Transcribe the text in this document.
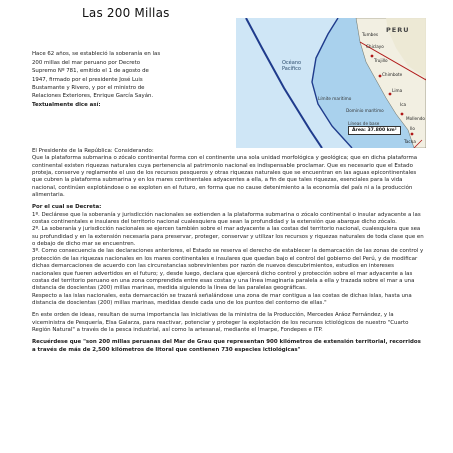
Las 200 Millas

Hace 62 años, se estableció la soberanía en las
200 millas del mar peruano por Decreto
Supremo Nº 781, emitido el 1 de agosto de
1947, firmado por el presidente José Luis
Bustamante y Rivero, y por el ministro de
Relaciones Exteriores, Enrique García Sayán.

Textualmente dice así:

PERU
Océano Pacífico
Tumbes
Chiclayo
Trujillo
Chimbote
Lima
Ica
Mollendo
Ilo
Tacna
Límite marítimo
Dominio marítimo
Líneas de base
Área: 37.800 km²

El Presidente de la República: Considerando:

Que la plataforma submarina o zócalo continental forma con el continente una sola unidad morfológica y geológica; que en dicha plataforma continental existen riquezas naturales cuya pertenencia al patrimonio nacional es indispensable proclamar. Que es necesario que el Estado proteja, conserve y reglamente el uso de los recursos pesqueros y otras riquezas naturales que se encuentran en las aguas epicontinentales que cubren la plataforma submarina y en los mares continentales adyacentes a ella, a fin de que tales riquezas, esenciales para la vida nacional, continúen explotándose o se exploten en el futuro, en forma que no cause detenimiento a la economía del país ni a la producción alimentaria.

Por el cual se Decreta:

1º. Declárese que la soberanía y jurisdicción nacionales se extienden a la plataforma submarina o zócalo continental o insular adyacente a las costas continentales e insulares del territorio nacional cualesquiera que sean la profundidad y la extensión que abarque dicho zócalo.

2º. La soberanía y jurisdicción nacionales se ejercen también sobre el mar adyacente a las costas del territorio nacional, cualesquiera que sea su profundidad y en la extensión necesaria para preservar, proteger, conservar y utilizar los recursos y riquezas naturales de toda clase que en o debajo de dicho mar se encuentren.

3º. Como consecuencia de las declaraciones anteriores, el Estado se reserva el derecho de establecer la demarcación de las zonas de control y protección de las riquezas nacionales en los mares continentales e insulares que quedan bajo el control del gobierno del Perú, y de modificar dichas demarcaciones de acuerdo con las circunstancias sobrevinientes por razón de nuevos descubrimientos, estudios en intereses nacionales que fueren advertidos en el futuro; y, desde luego, declara que ejercerá dicho control y protección sobre el mar adyacente a las costas del territorio peruano en una zona comprendida entre esas costas y una línea imaginaria paralela a ella y trazada sobre el mar a una distancia de doscientas (200) millas marinas, medida siguiendo la línea de las paralelas geográficas.

Respecto a las islas nacionales, esta demarcación se trazará señalándose una zona de mar contigua a las costas de dichas islas, hasta una distancia de doscientas (200) millas marinas, medidas desde cada uno de los puntos del contorno de ellas."

En este orden de ideas, resultan de suma importancia las iniciativas de la ministra de la Producción, Mercedes Aráoz Fernández, y la viceministra de Pesquería, Elsa Galarza, para reactivar, potenciar y proteger la explotación de los recursos ictiológicos de nuestro "Cuarto Región Natural" a través de la pesca industrial, así como la artesanal, mediante el Imarpe, Fondepes e ITP.

Recuérdese que "son 200 millas peruanas del Mar de Grau que representan 900 kilómetros de extensión territorial, recorridos a través de más de 2,500 kilómetros de litoral que contienen 730 especies ictiológicas"
